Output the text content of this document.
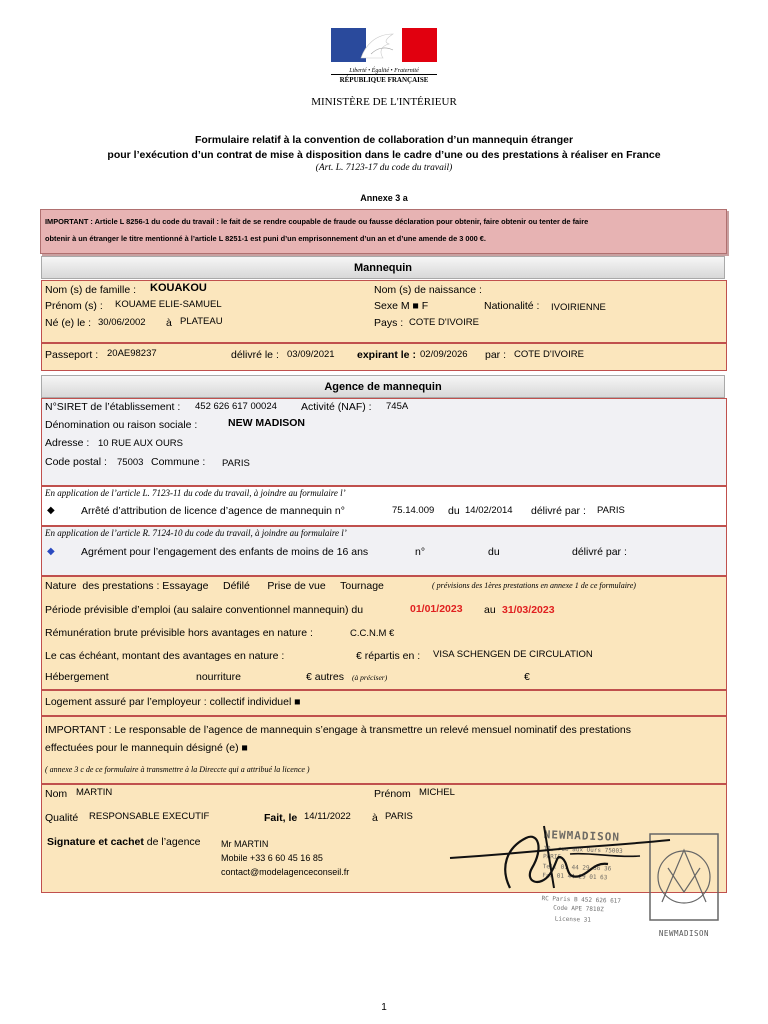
Liberté • Égalité • Fraternité
RÉPUBLIQUE FRANÇAISE
MINISTÈRE DE L'INTÉRIEUR
Formulaire relatif à la convention de collaboration d’un mannequin étranger
pour l’exécution d’un contrat de mise à disposition dans le cadre d’une ou des prestations à réaliser en France
(Art. L. 7123-17 du code du travail)
Annexe 3 a
IMPORTANT : Article L 8256-1 du code du travail : le fait de se rendre coupable de fraude ou fausse déclaration pour obtenir, faire obtenir ou tenter de faire
obtenir à un étranger le titre mentionné à l’article L 8251-1 est puni d’un emprisonnement d’un an et d’une amende de 3 000 €.
Mannequin
Nom (s) de famille : KOUAKOU	Nom (s) de naissance :
Prénom (s) : KOUAME ELIE-SAMUEL	Sexe M ■ F	Nationalité : IVOIRIENNE
Né (e) le : 30/06/2002 à PLATEAU	Pays : COTE D'IVOIRE
Passeport : 20AE98237	délivré le : 03/09/2021 expirant le : 02/09/2026 par : COTE D'IVOIRE
Agence de mannequin
N°SIRET de l’établissement : 452 626 617 00024 Activité (NAF) : 745A
Dénomination ou raison sociale :	NEW MADISON
Adresse : 10 RUE AUX OURS
Code postal : 75003 Commune : PARIS
En application de l’article L. 7123-11 du code du travail, à joindre au formulaire l’
◆	Arrêté d’attribution de licence d’agence de mannequin n°	75.14.009 du 14/02/2014 délivré par : PARIS
En application de l’article R. 7124-10 du code du travail, à joindre au formulaire l’
◆	Agrément pour l’engagement des enfants de moins de 16 ans	n°	du	délivré par :
Nature  des prestations : Essayage     Défilé      Prise de vue     Tournage	( prévisions des 1ères prestations en annexe 1 de ce formulaire)
Période prévisible d’emploi (au salaire conventionnel mannequin) du	01/01/2023 au 31/03/2023
Rémunération brute prévisible hors avantages en nature :	C.C.N.M €
Le cas échéant, montant des avantages en nature :	€ répartis en : VISA SCHENGEN DE CIRCULATION
Hébergement	nourriture	€ autres (à préciser)	€
Logement assuré par l’employeur : collectif individuel ■
IMPORTANT : Le responsable de l’agence de mannequin s’engage à transmettre un relevé mensuel nominatif des prestations
effectuées pour le mannequin désigné (e) ■
( annexe 3 c de ce formulaire à transmettre à la Direccte qui a attribué la licence )
Nom MARTIN	Prénom MICHEL
Qualité RESPONSABLE EXECUTIF	Fait, le 14/11/2022 à PARIS
Signature et cachet de l’agence Mr MARTIN
Mobile +33 6 60 45 16 85
contact@modelagenceconseil.fr
NEWMADISON
10, rue aux Ours 75003 PARIS
Tel. 01 44 29 36 36
Fax 01 44 29 01 63
RC Paris B 452 626 617
Code APE 7810Z
License 31
NEWMADISON
1
